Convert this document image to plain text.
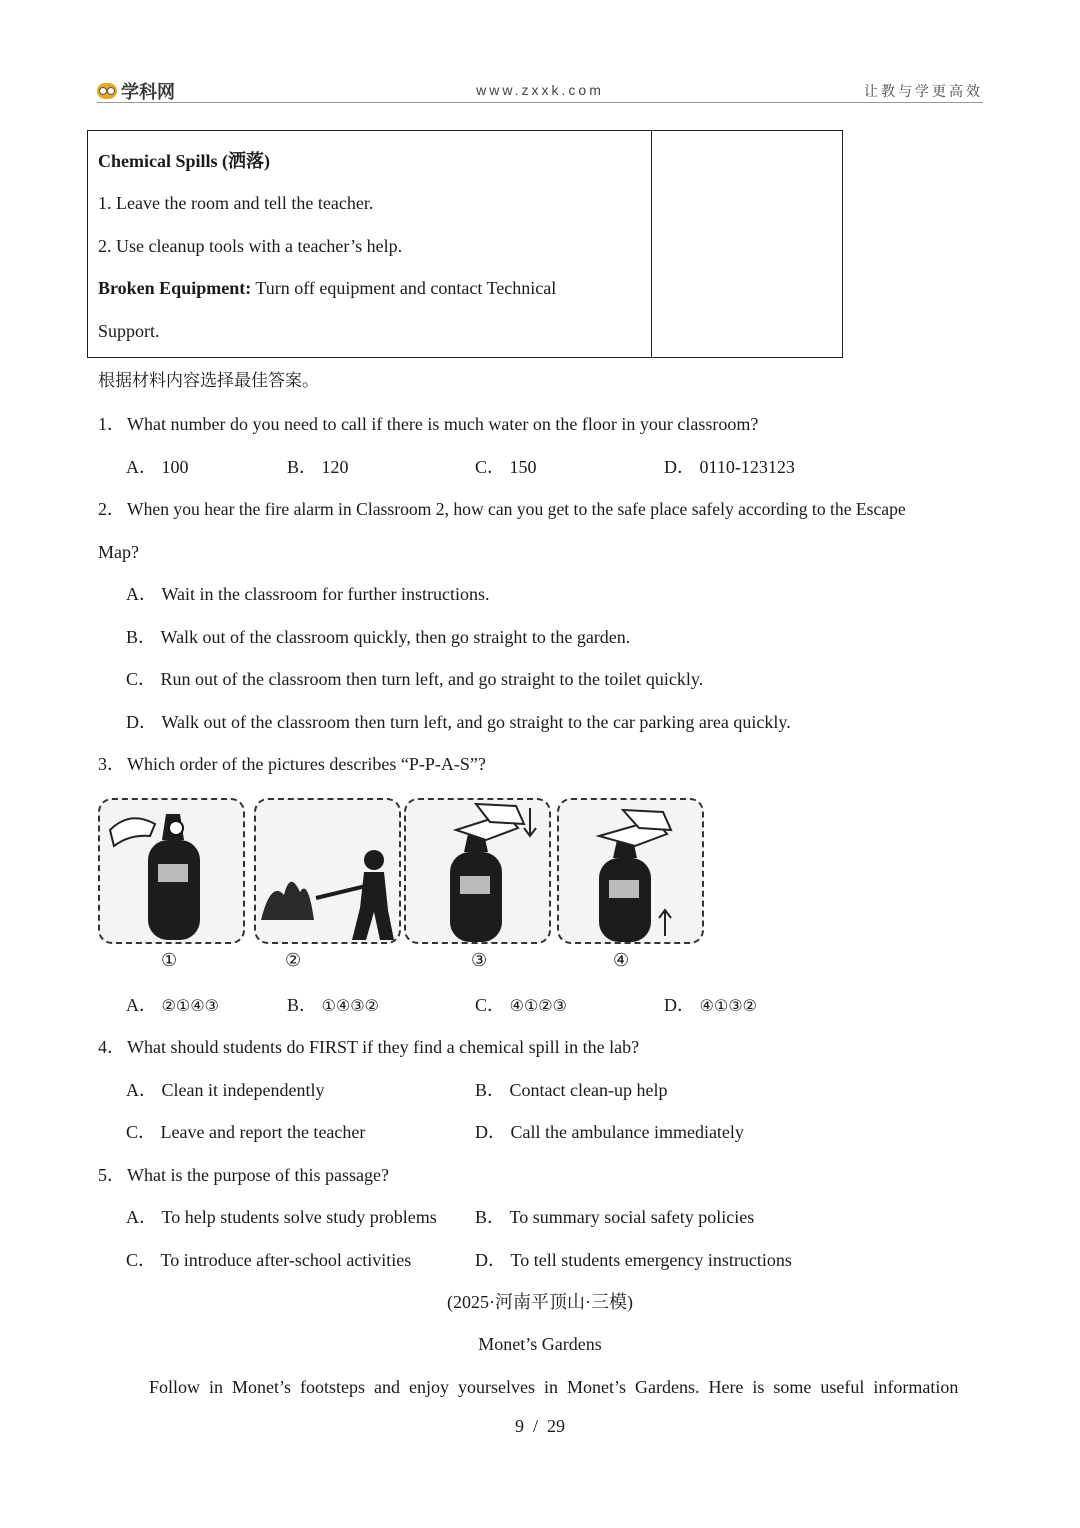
学科网	www.zxxk.com	让教与学更高效
Chemical Spills (洒落)
1. Leave the room and tell the teacher.
2. Use cleanup tools with a teacher’s help.
Broken Equipment: Turn off equipment and contact Technical
Support.
根据材料内容选择最佳答案。
1． What number do you need to call if there is much water on the floor in your classroom?
A． 100	B． 120	C． 150	D． 0110-123123
2． When you hear the fire alarm in Classroom 2, how can you get to the safe place safely according to the Escape
Map?
A． Wait in the classroom for further instructions.
B． Walk out of the classroom quickly, then go straight to the garden.
C． Run out of the classroom then turn left, and go straight to the toilet quickly.
D． Walk out of the classroom then turn left, and go straight to the car parking area quickly.
3． Which order of the pictures describes “P-P-A-S”?
①	②	③	④
A． ②①④③	B． ①④③②	C． ④①②③	D． ④①③②
4． What should students do FIRST if they find a chemical spill in the lab?
A． Clean it independently	B． Contact clean-up help
C． Leave and report the teacher	D． Call the ambulance immediately
5． What is the purpose of this passage?
A． To help students solve study problems B． To summary social safety policies
C． To introduce after-school activities	D． To tell students emergency instructions
(2025·河南平顶山·三模)
Monet’s Gardens
Follow  in  Monet’s  footsteps  and  enjoy  yourselves  in  Monet’s  Gardens.  Here  is  some  useful  information
9  /  29
